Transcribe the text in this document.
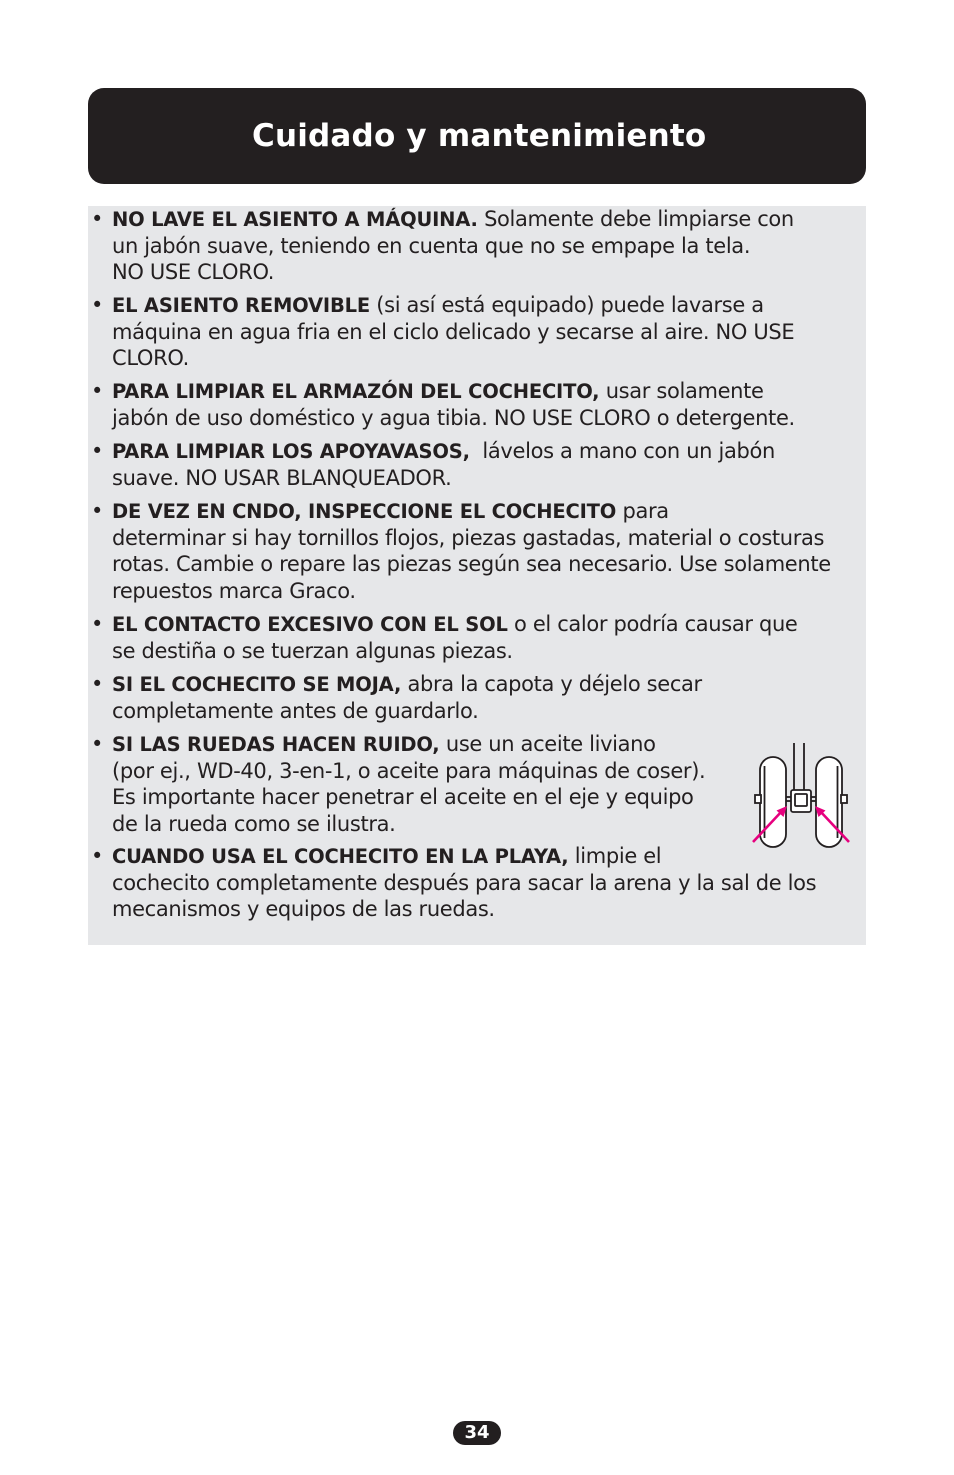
Cuidado y mantenimiento
• NO LAVE EL ASIENTO A MÁQUINA. Solamente debe limpiarse con
un jabón suave, teniendo en cuenta que no se empape la tela.
NO USE CLORO.
• EL ASIENTO REMOVIBLE (si así está equipado) puede lavarse a
máquina en agua fria en el ciclo delicado y secarse al aire. NO USE
CLORO.
• PARA LIMPIAR EL ARMAZÓN DEL COCHECITO, usar solamente
jabón de uso doméstico y agua tibia. NO USE CLORO o detergente.
• PARA LIMPIAR LOS APOYAVASOS,  lávelos a mano con un jabón
suave. NO USAR BLANQUEADOR.
• DE VEZ EN CNDO, INSPECCIONE EL COCHECITO para
determinar si hay tornillos flojos, piezas gastadas, material o costuras
rotas. Cambie o repare las piezas según sea necesario. Use solamente
repuestos marca Graco.
• EL CONTACTO EXCESIVO CON EL SOL o el calor podría causar que
se destiña o se tuerzan algunas piezas.
• SI EL COCHECITO SE MOJA, abra la capota y déjelo secar
completamente antes de guardarlo.
• SI LAS RUEDAS HACEN RUIDO, use un aceite liviano
(por ej., WD-40, 3-en-1, o aceite para máquinas de coser).
Es importante hacer penetrar el aceite en el eje y equipo
de la rueda como se ilustra.
• CUANDO USA EL COCHECITO EN LA PLAYA, limpie el
cochecito completamente después para sacar la arena y la sal de los
mecanismos y equipos de las ruedas.
34
